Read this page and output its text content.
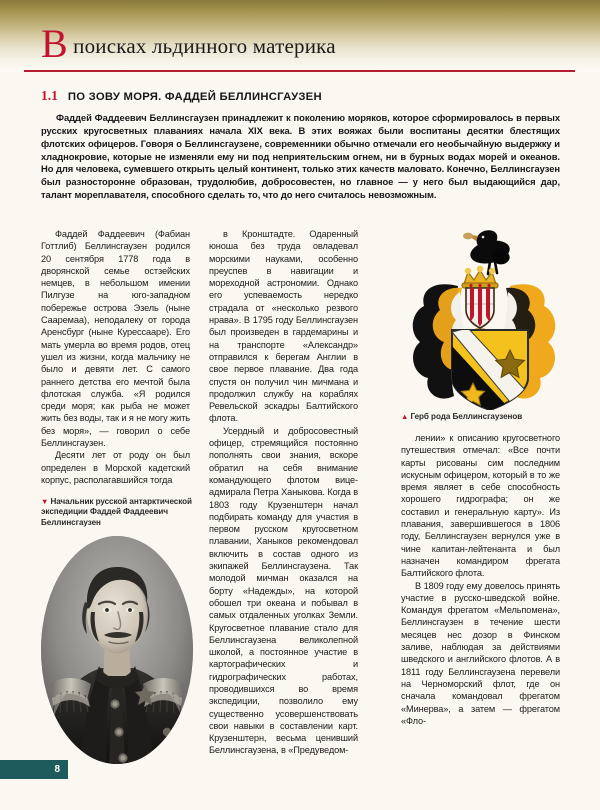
В поисках льдинного материка
1.1 ПО ЗОВУ МОРЯ. ФАДДЕЙ БЕЛЛИНСГАУЗЕН
Фаддей Фаддеевич Беллинсгаузен принадлежит к поколению моряков, которое сформировалось в первых русских кругосветных плаваниях начала XIX века. В этих вояжах были воспитаны десятки блестящих флотских офицеров. Говоря о Беллинсгаузене, современники обычно отмечали его необычайную выдержку и хладнокровие, которые не изменяли ему ни под неприятельским огнем, ни в бурных водах морей и океанов. Но для человека, сумевшего открыть целый континент, только этих качеств маловато. Конечно, Беллинсгаузен был разносторонне образован, трудолюбив, добросовестен, но главное — у него был выдающийся дар, талант мореплавателя, способного сделать то, что до него считалось невозможным.

Фаддей Фаддеевич (Фабиан Готтлиб) Беллинсгаузен родился 20 сентября 1778 года в дворянской семье остзейских немцев, в небольшом имении Пилгузе на юго-западном побережье острова Эзель (ныне Сааремаа), неподалеку от города Аренсбург (ныне Курессааре). Его мать умерла во время родов, отец ушел из жизни, когда мальчику не было и девяти лет. С самого раннего детства его мечтой была флотская служба. «Я родился среди моря; как рыба не может жить без воды, так и я не могу жить без моря», — говорил о себе Беллинсгаузен.

Десяти лет от роду он был определен в Морской кадетский корпус, располагавшийся тогда

▼ Начальник русской антарктической экспедиции Фаддей Фаддеевич Беллинсгаузен
▲ Герб рода Беллинсгаузенов

в Кронштадте. Одаренный юноша без труда овладевал морскими науками, особенно преуспев в навигации и мореходной астрономии. Однако его успеваемость нередко страдала от «несколько резвого нрава». В 1795 году Беллинсгаузен был произведен в гардемарины и на транспорте «Александр» отправился к берегам Англии в свое первое плавание. Два года спустя он получил чин мичмана и продолжил службу на кораблях Ревельской эскадры Балтийского флота.

Усердный и добросовестный офицер, стремящийся постоянно пополнять свои знания, вскоре обратил на себя внимание командующего флотом вице-адмирала Петра Ханыкова. Когда в 1803 году Крузенштерн начал подбирать команду для участия в первом русском кругосветном плавании, Ханыков рекомендовал включить в состав одного из экипажей Беллинсгаузена. Так молодой мичман оказался на борту «Надежды», на которой обошел три океана и побывал в самых отдаленных уголках Земли. Кругосветное плавание стало для Беллинсгаузена великолепной школой, а постоянное участие в картографических и гидрографических работах, проводившихся во время экспедиции, позволило ему существенно усовершенствовать свои навыки в составлении карт. Крузенштерн, весьма ценивший Беллинсгаузена, в «Предуведом-

лении» к описанию кругосветного путешествия отмечал: «Все почти карты рисованы сим последним искусным офицером, который в то же время являет в себе способность хорошего гидрографа; он же составил и генеральную карту». Из плавания, завершившегося в 1806 году, Беллинсгаузен вернулся уже в чине капитан-лейтенанта и был назначен командиром фрегата Балтийского флота.

В 1809 году ему довелось принять участие в русско-шведской войне. Командуя фрегатом «Мельпомена», Беллинсгаузен в течение шести месяцев нес дозор в Финском заливе, наблюдая за действиями шведского и английского флотов. А в 1811 году Беллинсгаузена перевели на Черноморский флот, где он сначала командовал фрегатом «Минерва», а затем — фрегатом «Фло-

8
